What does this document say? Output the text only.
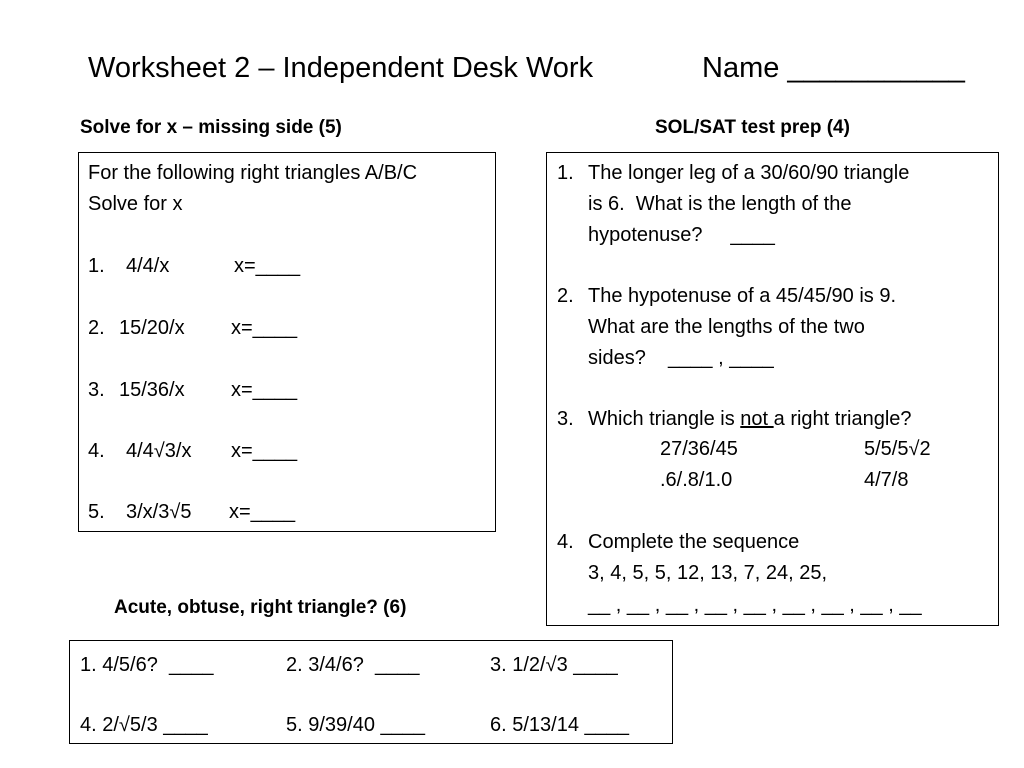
Worksheet 2 – Independent Desk Work	Name ___________
Solve for x – missing side (5)
For the following right triangles A/B/C
Solve for x
1. 4/4/x	x=____
2. 15/20/x x=____
3. 15/36/x x=____
4. 4/4√3/x x=____
5. 3/x/3√5 x=____
SOL/SAT test prep (4)
1. The longer leg of a 30/60/90 triangle
is 6.  What is the length of the
hypotenuse?     ____
2. The hypotenuse of a 45/45/90 is 9.
What are the lengths of the two
sides?    ____ , ____
3. Which triangle is not a right triangle?
27/36/45	5/5/5√2
.6/.8/1.0	4/7/8
4. Complete the sequence
3, 4, 5, 5, 12, 13, 7, 24, 25,
__ , __ , __ , __ , __ , __ , __ , __ , __
Acute, obtuse, right triangle? (6)
1. 4/5/6?  ____	2. 3/4/6?  ____	3. 1/2/√3 ____
4. 2/√5/3 ____	5. 9/39/40 ____	6. 5/13/14 ____
